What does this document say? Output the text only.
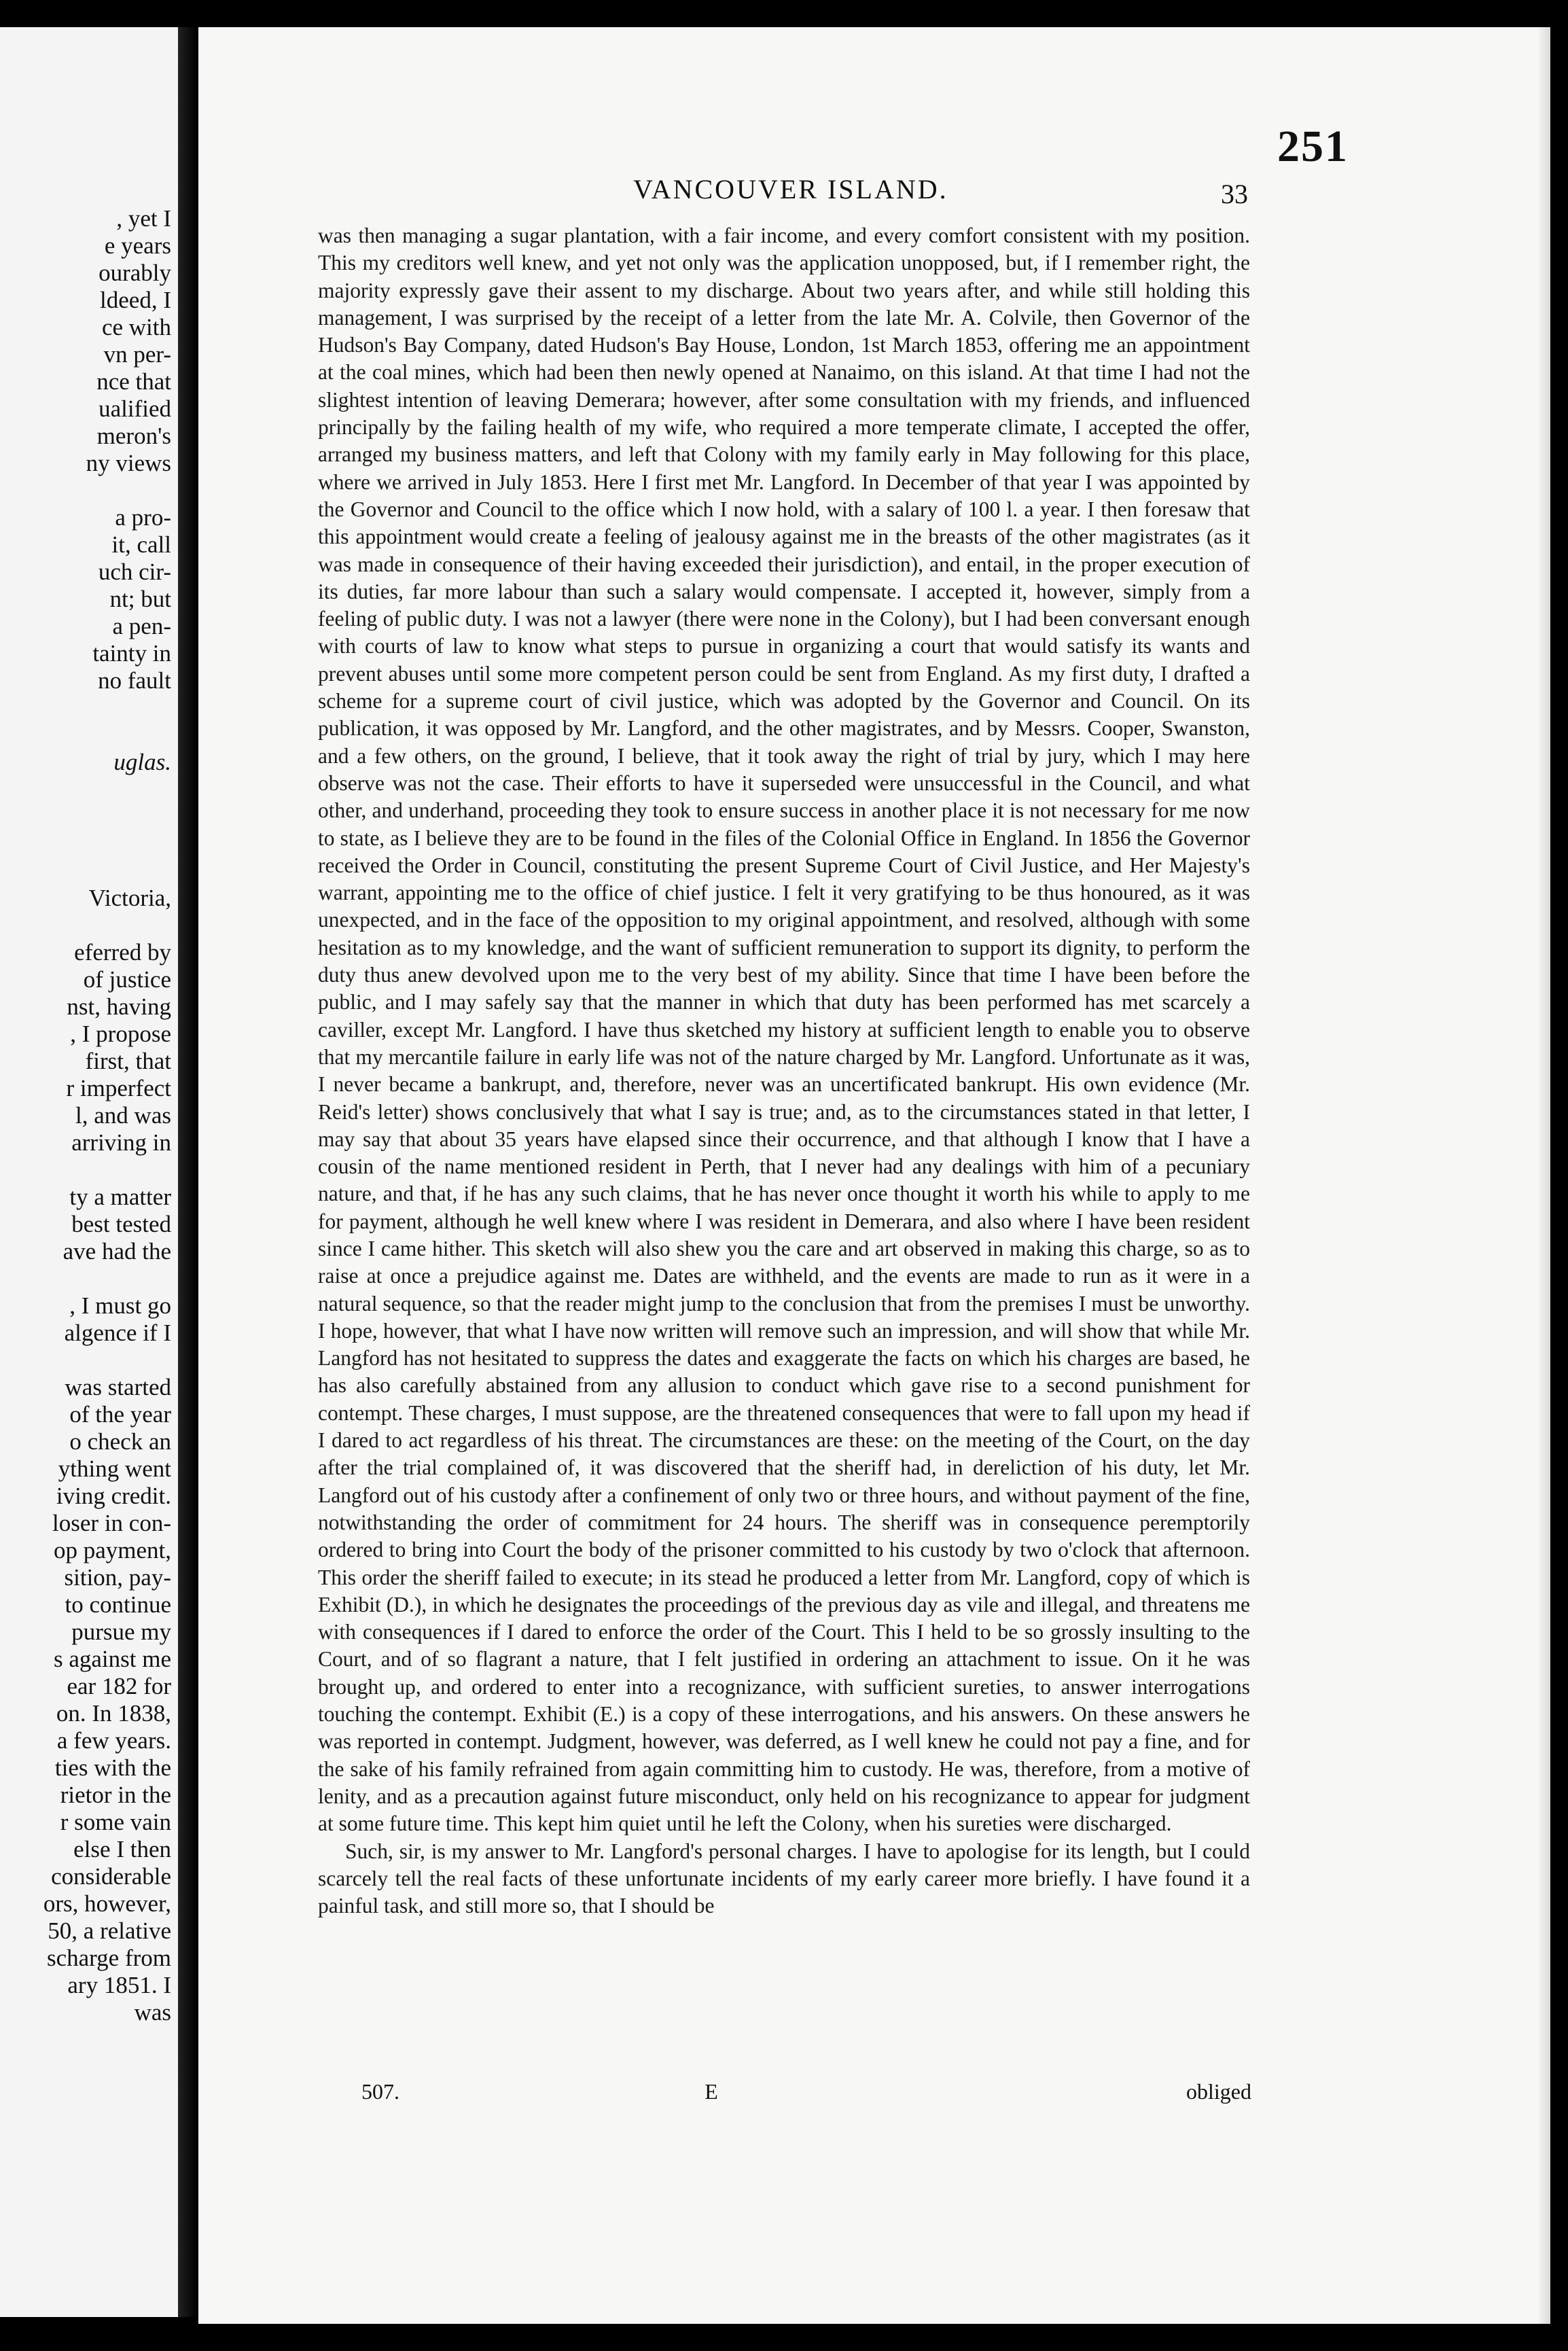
, yet I
e years
ourably
ldeed, I
ce with
vn per-
nce that
ualified
meron's
ny views

a pro-
it, call
uch cir-
nt; but
a pen-
tainty in
no fault

uglas.

Victoria,

eferred by
of justice
nst, having
, I propose
first, that
r imperfect
l, and was
arriving in

ty a matter
best tested
ave had the

, I must go
algence if I

was started
of the year
o check an
ything went
iving credit.
loser in con-
op payment,
sition, pay-
to continue
pursue my
s against me
ear 182 for
on. In 1838,
a few years.
ties with the
rietor in the
r some vain
else I then
considerable
ors, however,
50, a relative
scharge from
ary 1851. I
was
251
VANCOUVER ISLAND.	33

was then managing a sugar plantation, with a fair income, and every comfort consistent with my position. This my creditors well knew, and yet not only was the application unopposed, but, if I remember right, the majority expressly gave their assent to my discharge. About two years after, and while still holding this management, I was surprised by the receipt of a letter from the late Mr. A. Colvile, then Governor of the Hudson's Bay Company, dated Hudson's Bay House, London, 1st March 1853, offering me an appointment at the coal mines, which had been then newly opened at Nanaimo, on this island. At that time I had not the slightest intention of leaving Demerara; however, after some consultation with my friends, and influenced principally by the failing health of my wife, who required a more temperate climate, I accepted the offer, arranged my business matters, and left that Colony with my family early in May following for this place, where we arrived in July 1853. Here I first met Mr. Langford. In December of that year I was appointed by the Governor and Council to the office which I now hold, with a salary of 100 l. a year. I then foresaw that this appointment would create a feeling of jealousy against me in the breasts of the other magistrates (as it was made in consequence of their having exceeded their jurisdiction), and entail, in the proper execution of its duties, far more labour than such a salary would compensate. I accepted it, however, simply from a feeling of public duty. I was not a lawyer (there were none in the Colony), but I had been conversant enough with courts of law to know what steps to pursue in organizing a court that would satisfy its wants and prevent abuses until some more competent person could be sent from England. As my first duty, I drafted a scheme for a supreme court of civil justice, which was adopted by the Governor and Council. On its publication, it was opposed by Mr. Langford, and the other magistrates, and by Messrs. Cooper, Swanston, and a few others, on the ground, I believe, that it took away the right of trial by jury, which I may here observe was not the case. Their efforts to have it superseded were unsuccessful in the Council, and what other, and underhand, proceeding they took to ensure success in another place it is not necessary for me now to state, as I believe they are to be found in the files of the Colonial Office in England. In 1856 the Governor received the Order in Council, constituting the present Supreme Court of Civil Justice, and Her Majesty's warrant, appointing me to the office of chief justice. I felt it very gratifying to be thus honoured, as it was unexpected, and in the face of the opposition to my original appointment, and resolved, although with some hesitation as to my knowledge, and the want of sufficient remuneration to support its dignity, to perform the duty thus anew devolved upon me to the very best of my ability. Since that time I have been before the public, and I may safely say that the manner in which that duty has been performed has met scarcely a caviller, except Mr. Langford. I have thus sketched my history at sufficient length to enable you to observe that my mercantile failure in early life was not of the nature charged by Mr. Langford. Unfortunate as it was, I never became a bankrupt, and, therefore, never was an uncertificated bankrupt. His own evidence (Mr. Reid's letter) shows conclusively that what I say is true; and, as to the circumstances stated in that letter, I may say that about 35 years have elapsed since their occurrence, and that although I know that I have a cousin of the name mentioned resident in Perth, that I never had any dealings with him of a pecuniary nature, and that, if he has any such claims, that he has never once thought it worth his while to apply to me for payment, although he well knew where I was resident in Demerara, and also where I have been resident since I came hither. This sketch will also shew you the care and art observed in making this charge, so as to raise at once a prejudice against me. Dates are withheld, and the events are made to run as it were in a natural sequence, so that the reader might jump to the conclusion that from the premises I must be unworthy. I hope, however, that what I have now written will remove such an impression, and will show that while Mr. Langford has not hesitated to suppress the dates and exaggerate the facts on which his charges are based, he has also carefully abstained from any allusion to conduct which gave rise to a second punishment for contempt. These charges, I must suppose, are the threatened consequences that were to fall upon my head if I dared to act regardless of his threat. The circumstances are these: on the meeting of the Court, on the day after the trial complained of, it was discovered that the sheriff had, in dereliction of his duty, let Mr. Langford out of his custody after a confinement of only two or three hours, and without payment of the fine, notwithstanding the order of commitment for 24 hours. The sheriff was in consequence peremptorily ordered to bring into Court the body of the prisoner committed to his custody by two o'clock that afternoon. This order the sheriff failed to execute; in its stead he produced a letter from Mr. Langford, copy of which is Exhibit (D.), in which he designates the proceedings of the previous day as vile and illegal, and threatens me with consequences if I dared to enforce the order of the Court. This I held to be so grossly insulting to the Court, and of so flagrant a nature, that I felt justified in ordering an attachment to issue. On it he was brought up, and ordered to enter into a recognizance, with sufficient sureties, to answer interrogations touching the contempt. Exhibit (E.) is a copy of these interrogations, and his answers. On these answers he was reported in contempt. Judgment, however, was deferred, as I well knew he could not pay a fine, and for the sake of his family refrained from again committing him to custody. He was, therefore, from a motive of lenity, and as a precaution against future misconduct, only held on his recognizance to appear for judgment at some future time. This kept him quiet until he left the Colony, when his sureties were discharged.

Such, sir, is my answer to Mr. Langford's personal charges. I have to apologise for its length, but I could scarcely tell the real facts of these unfortunate incidents of my early career more briefly. I have found it a painful task, and still more so, that I should be

507.	E	obliged
